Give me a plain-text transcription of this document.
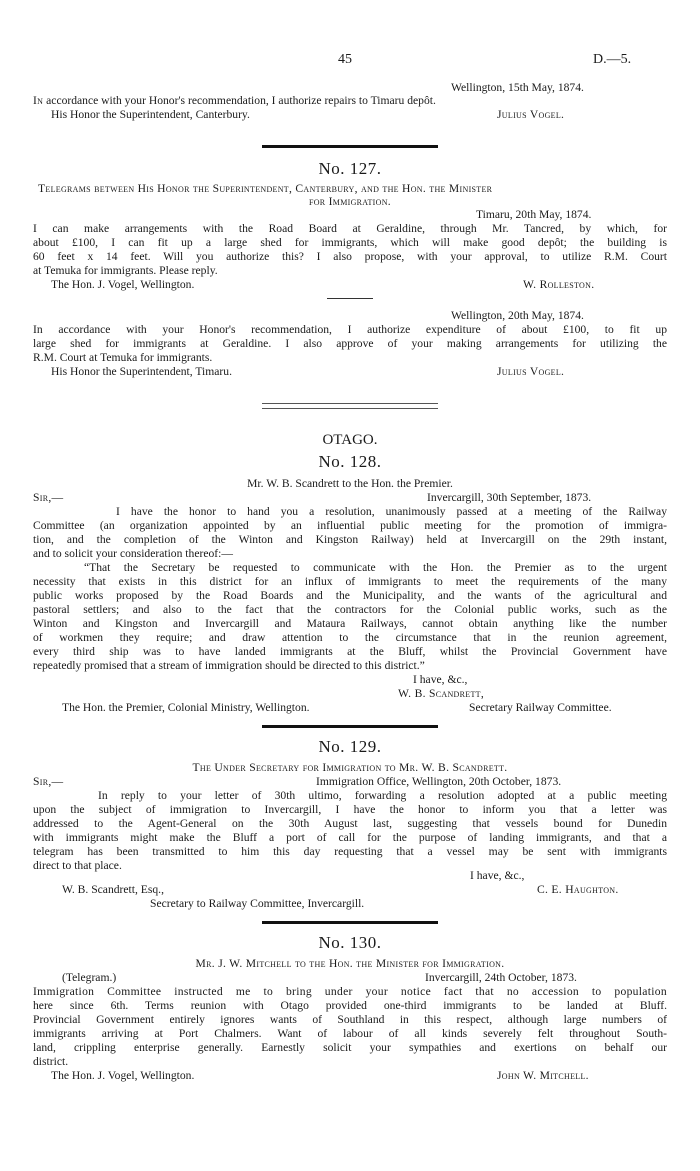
45	D.—5.
Wellington, 15th May, 1874.
In accordance with your Honor's recommendation, I authorize repairs to Timaru depôt.
His Honor the Superintendent, Canterbury.	Julius Vogel.
No. 127.
Telegrams between His Honor the Superintendent, Canterbury, and the Hon. the Minister
for Immigration.
Timaru, 20th May, 1874.
I can make arrangements with the Road Board at Geraldine, through Mr. Tancred, by which, for
about £100, I can fit up a large shed for immigrants, which will make good depôt; the building is
60 feet x 14 feet. Will you authorize this? I also propose, with your approval, to utilize R.M. Court
at Temuka for immigrants. Please reply.
The Hon. J. Vogel, Wellington.	W. Rolleston.
Wellington, 20th May, 1874.
In accordance with your Honor's recommendation, I authorize expenditure of about £100, to fit up
large shed for immigrants at Geraldine. I also approve of your making arrangements for utilizing the
R.M. Court at Temuka for immigrants.
His Honor the Superintendent, Timaru.	Julius Vogel.
OTAGO.
No. 128.
Mr. W. B. Scandrett to the Hon. the Premier.
Sir,—	Invercargill, 30th September, 1873.
I have the honor to hand you a resolution, unanimously passed at a meeting of the Railway
Committee (an organization appointed by an influential public meeting for the promotion of immigra-
tion, and the completion of the Winton and Kingston Railway) held at Invercargill on the 29th instant,
and to solicit your consideration thereof:—
“That the Secretary be requested to communicate with the Hon. the Premier as to the urgent
necessity that exists in this district for an influx of immigrants to meet the requirements of the many
public works proposed by the Road Boards and the Municipality, and the wants of the agricultural and
pastoral settlers; and also to the fact that the contractors for the Colonial public works, such as the
Winton and Kingston and Invercargill and Mataura Railways, cannot obtain anything like the number
of workmen they require; and draw attention to the circumstance that in the reunion agreement,
every third ship was to have landed immigrants at the Bluff, whilst the Provincial Government have
repeatedly promised that a stream of immigration should be directed to this district.”
I have, &c.,
W. B. Scandrett,
The Hon. the Premier, Colonial Ministry, Wellington.	Secretary Railway Committee.
No. 129.
The Under Secretary for Immigration to Mr. W. B. Scandrett.
Sir,—	Immigration Office, Wellington, 20th October, 1873.
In reply to your letter of 30th ultimo, forwarding a resolution adopted at a public meeting
upon the subject of immigration to Invercargill, I have the honor to inform you that a letter was
addressed to the Agent-General on the 30th August last, suggesting that vessels bound for Dunedin
with immigrants might make the Bluff a port of call for the purpose of landing immigrants, and that a
telegram has been transmitted to him this day requesting that a vessel may be sent with immigrants
direct to that place.
I have, &c.,
W. B. Scandrett, Esq.,	C. E. Haughton.
Secretary to Railway Committee, Invercargill.
No. 130.
Mr. J. W. Mitchell to the Hon. the Minister for Immigration.
(Telegram.)	Invercargill, 24th October, 1873.
Immigration Committee instructed me to bring under your notice fact that no accession to population
here since 6th. Terms reunion with Otago provided one-third immigrants to be landed at Bluff.
Provincial Government entirely ignores wants of Southland in this respect, although large numbers of
immigrants arriving at Port Chalmers. Want of labour of all kinds severely felt throughout South-
land, crippling enterprise generally. Earnestly solicit your sympathies and exertions on behalf our
district.
The Hon. J. Vogel, Wellington.	John W. Mitchell.
